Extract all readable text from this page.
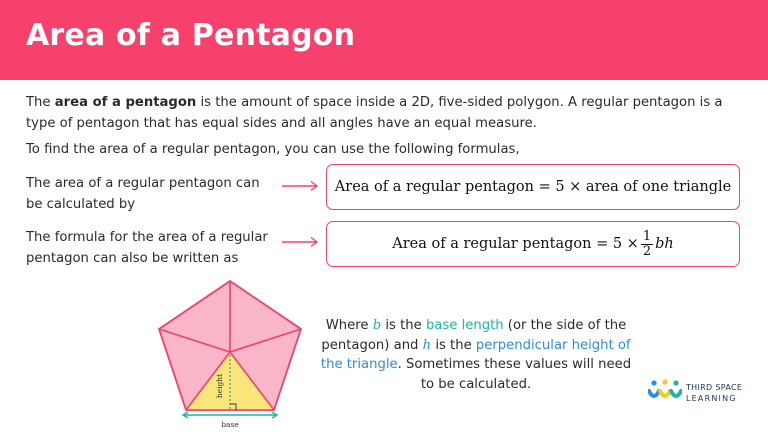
Area of a Pentagon
The area of a pentagon is the amount of space inside a 2D, five-sided polygon. A regular pentagon is a type of pentagon that has equal sides and all angles have an equal measure.
To find the area of a regular pentagon, you can use the following formulas,
The area of a regular pentagon can be calculated by
Area of a regular pentagon = 5 × area of one triangle
The formula for the area of a regular pentagon can also be written as
Area of a regular pentagon = $5 \times \frac{1}{2}$ bh
height
base
Where b is the base length (or the side of the pentagon) and h is the perpendicular height of the triangle. Sometimes these values will need to be calculated.	THIRD SPACE
LEARNING
